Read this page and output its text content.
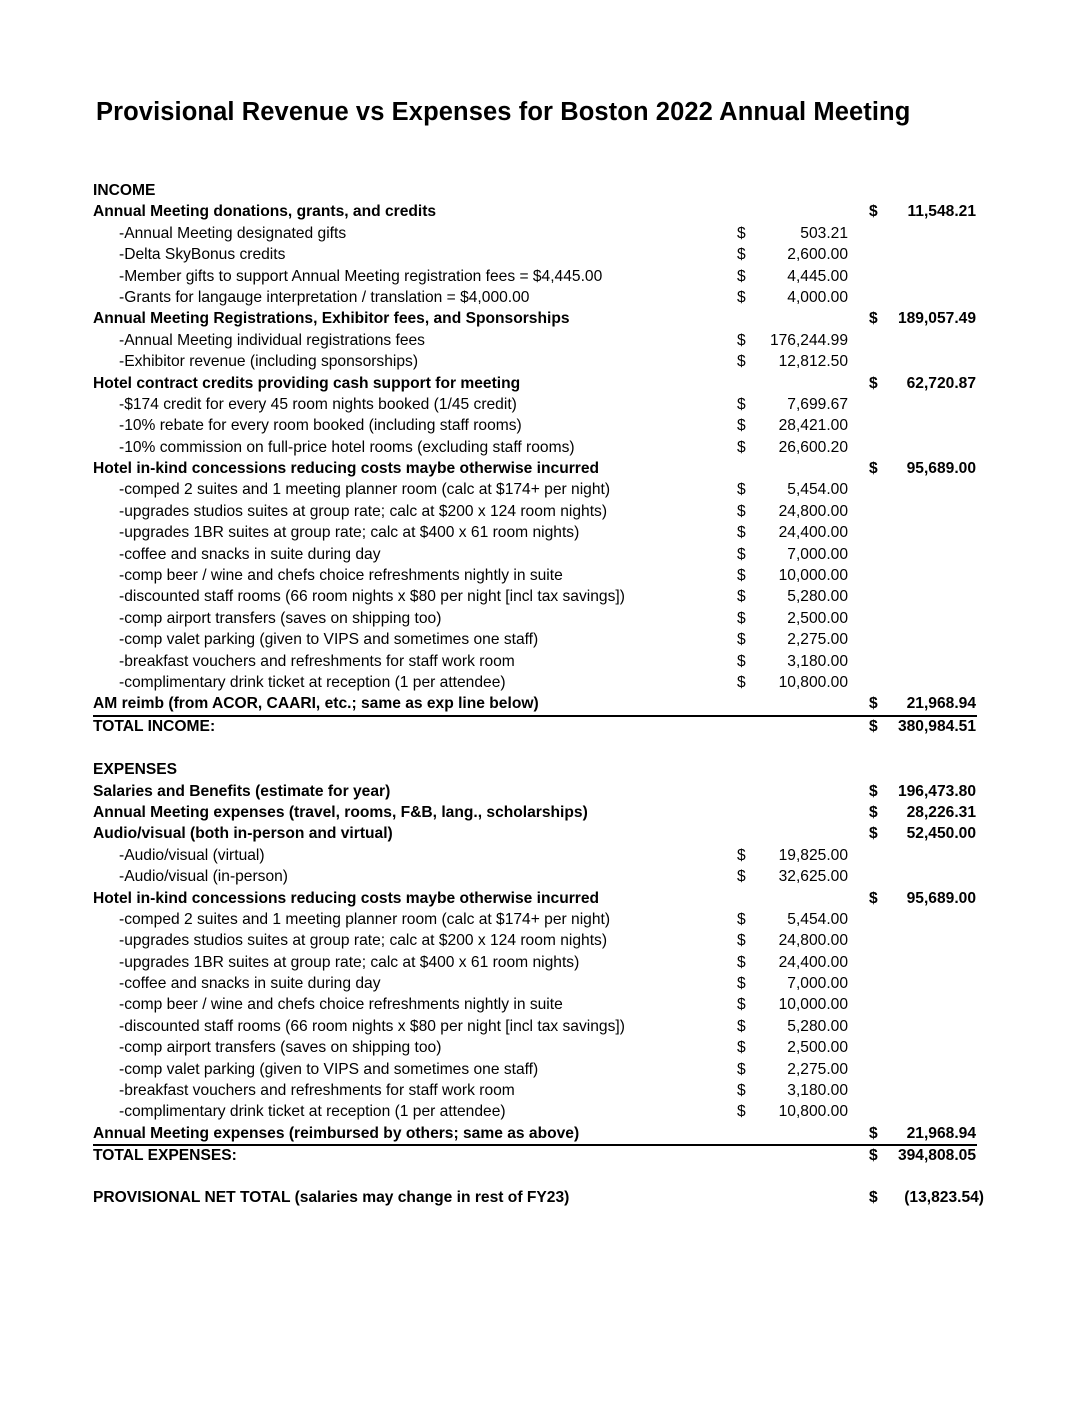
Provisional Revenue vs Expenses for Boston 2022 Annual Meeting
INCOME
Annual Meeting donations, grants, and credits	$	11,548.21
-Annual Meeting designated gifts	$	503.21
-Delta SkyBonus credits	$	2,600.00
-Member gifts to support Annual Meeting registration fees = $4,445.00	$	4,445.00
-Grants for langauge interpretation / translation = $4,000.00	$	4,000.00
Annual Meeting Registrations, Exhibitor fees, and Sponsorships	$	189,057.49
-Annual Meeting individual registrations fees	$	176,244.99
-Exhibitor revenue (including sponsorships)	$	12,812.50
Hotel contract credits providing cash support for meeting	$	62,720.87
-$174 credit for every 45 room nights booked (1/45 credit)	$	7,699.67
-10% rebate for every room booked (including staff rooms)	$	28,421.00
-10% commission on full-price hotel rooms (excluding staff rooms)	$	26,600.20
Hotel in-kind concessions reducing costs maybe otherwise incurred	$	95,689.00
-comped 2 suites and 1 meeting planner room (calc at $174+ per night)	$	5,454.00
-upgrades studios suites at group rate; calc at $200 x 124 room nights)	$	24,800.00
-upgrades 1BR suites at group rate; calc at $400 x 61 room nights)	$	24,400.00
-coffee and snacks in suite during day	$	7,000.00
-comp beer / wine and chefs choice refreshments nightly in suite	$	10,000.00
-discounted staff rooms (66 room nights x $80 per night [incl tax savings])	$	5,280.00
-comp airport transfers (saves on shipping too)	$	2,500.00
-comp valet parking (given to VIPS and sometimes one staff)	$	2,275.00
-breakfast vouchers and refreshments for staff work room	$	3,180.00
-complimentary drink ticket at reception (1 per attendee)	$	10,800.00
AM reimb (from ACOR, CAARI, etc.; same as exp line below)	$	21,968.94
TOTAL INCOME:	$	380,984.51
EXPENSES
Salaries and Benefits (estimate for year)	$	196,473.80
Annual Meeting expenses (travel, rooms, F&B, lang., scholarships)	$	28,226.31
Audio/visual (both in-person and virtual)	$	52,450.00
-Audio/visual (virtual)	$	19,825.00
-Audio/visual (in-person)	$	32,625.00
Hotel in-kind concessions reducing costs maybe otherwise incurred	$	95,689.00
-comped 2 suites and 1 meeting planner room (calc at $174+ per night)	$	5,454.00
-upgrades studios suites at group rate; calc at $200 x 124 room nights)	$	24,800.00
-upgrades 1BR suites at group rate; calc at $400 x 61 room nights)	$	24,400.00
-coffee and snacks in suite during day	$	7,000.00
-comp beer / wine and chefs choice refreshments nightly in suite	$	10,000.00
-discounted staff rooms (66 room nights x $80 per night [incl tax savings])	$	5,280.00
-comp airport transfers (saves on shipping too)	$	2,500.00
-comp valet parking (given to VIPS and sometimes one staff)	$	2,275.00
-breakfast vouchers and refreshments for staff work room	$	3,180.00
-complimentary drink ticket at reception (1 per attendee)	$	10,800.00
Annual Meeting expenses (reimbursed by others; same as above)	$	21,968.94
TOTAL EXPENSES:	$	394,808.05
PROVISIONAL NET TOTAL (salaries may change in rest of FY23)	$	(13,823.54)
